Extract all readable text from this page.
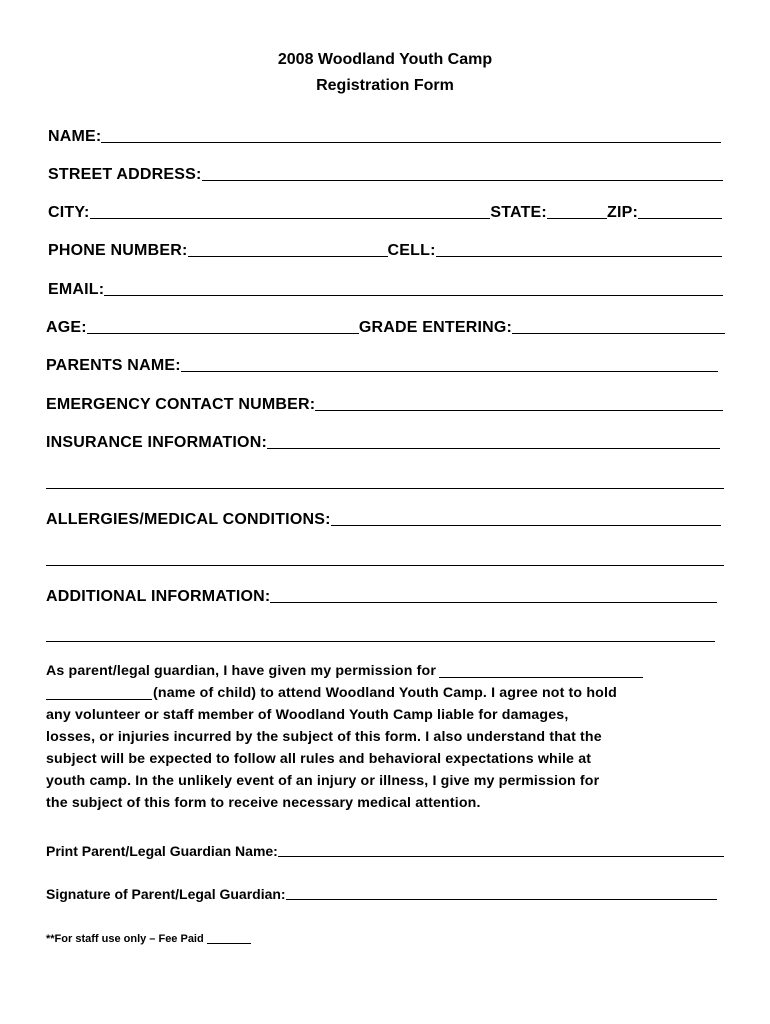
2008 Woodland Youth Camp
Registration Form
NAME:
STREET ADDRESS:
CITY:	STATE:	ZIP:
PHONE NUMBER:	CELL:
EMAIL:
AGE:	GRADE ENTERING:
PARENTS NAME:
EMERGENCY CONTACT NUMBER:
INSURANCE INFORMATION:
ALLERGIES/MEDICAL CONDITIONS:
ADDITIONAL INFORMATION:
As parent/legal guardian, I have given my permission for
(name of child) to attend Woodland Youth Camp. I agree not to hold
any volunteer or staff member of Woodland Youth Camp liable for damages,
losses, or injuries incurred by the subject of this form. I also understand that the
subject will be expected to follow all rules and behavioral expectations while at
youth camp. In the unlikely event of an injury or illness, I give my permission for
the subject of this form to receive necessary medical attention.
Print Parent/Legal Guardian Name:
Signature of Parent/Legal Guardian:
**For staff use only – Fee Paid
